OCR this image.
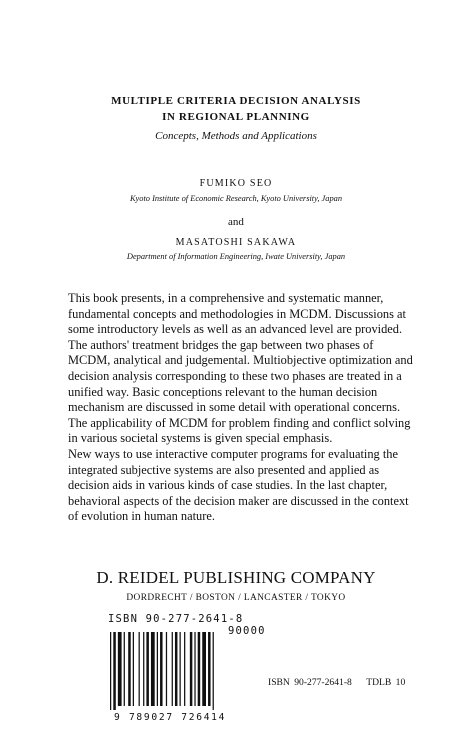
MULTIPLE CRITERIA DECISION ANALYSIS
IN REGIONAL PLANNING
Concepts, Methods and Applications
FUMIKO SEO
Kyoto Institute of Economic Research, Kyoto University, Japan
and
MASATOSHI SAKAWA
Department of Information Engineering, Iwate University, Japan

This book presents, in a comprehensive and systematic manner, fundamental concepts and methodologies in MCDM. Discussions at some introductory levels as well as an advanced level are provided. The authors' treatment bridges the gap between two phases of MCDM, analytical and judgemental. Multiobjective optimization and decision analysis corresponding to these two phases are treated in a unified way. Basic conceptions relevant to the human decision mechanism are discussed in some detail with operational concerns. The applicability of MCDM for problem finding and conflict solving in various societal systems is given special emphasis.

New ways to use interactive computer programs for evaluating the integrated subjective systems are also presented and applied as decision aids in various kinds of case studies. In the last chapter, behavioral aspects of the decision maker are discussed in the context of evolution in human nature.

D. REIDEL PUBLISHING COMPANY
DORDRECHT / BOSTON / LANCASTER / TOKYO
ISBN 90-277-2641-8
90000
9 789027 726414
ISBN 90-277-2641-8 TDLB 10
